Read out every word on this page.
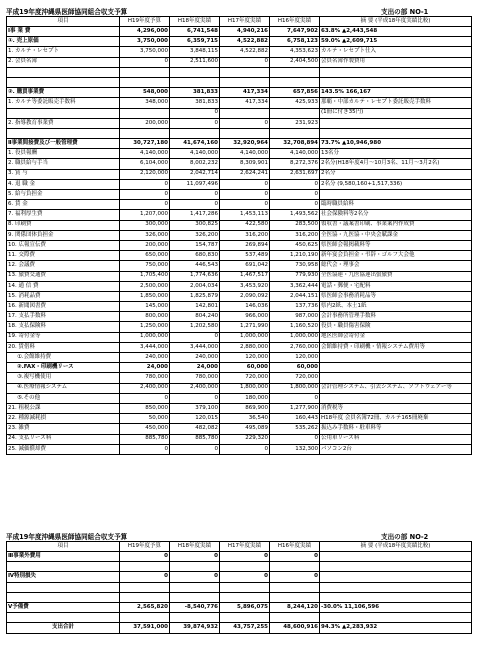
平成19年度沖縄県医師協同組合収支予算	支出の部 NO-1
項目	H19年度予算	H18年度実績	H17年度実績	H16年度実績	摘 要 (平成18年度実績比較)
Ⅰ事 業 費	4,296,000	6,741,548	4,940,216	7,647,902	63.8% ▲2,443,548
①. 売上原価	3,750,000	6,359,715	4,522,882	6,758,123	59.0% ▲2,609,715
1. カルテ・レセプト	3,750,000	3,848,115	4,522,882	4,353,623	カルテ・レセプト仕入
2. 会員名簿	0	2,511,600	0	2,404,500	会員名簿作製費用

②. 購買事業費	548,000	381,833	417,334	657,856	143.5% 166,167
1. カルテ等委託販売手数料	348,000	381,833	417,334	425,933	那覇・中部カルテ・レセプト委託販売手数料
		0			(1冊に付き35円)
2. 指導教育事業費	200,000	0	0	231,923	

Ⅱ事業間接費及び一般管理費	30,727,180	41,674,160	32,920,964	32,708,894	73.7% ▲10,946,980
1. 役員報酬	4,140,000	4,140,000	4,140,000	4,140,000	13名分
2. 職員給与手当	6,104,000	8,002,232	8,309,901	8,272,376	2名分(H18年度4月～10月3名、11月～3月2名)
3. 賞 与	2,120,000	2,042,714	2,624,241	2,631,697	2名分
4. 退 職 金	0	11,097,496	0	0	2名分 (9,580,160+1,517,336)
5. 給与負担金	0	0	0	0	
6. 賃 金	0	0	0	0	臨時職員給料
7. 福利厚生費	1,207,000	1,417,286	1,453,113	1,493,562	社会保険料等2名分
8. 印刷費	300,000	300,825	422,580	283,500	領収書・議案書印刷、事業案内作成費
9. 関係団体負担金	326,000	326,200	316,200	316,200	全医協・九医協・中央会賦課金
10. 広報宣伝費	200,000	154,787	269,894	450,625	県医師会報掲載料等
11. 交際費	650,000	680,830	537,489	1,210,190	新年宴会負担金・弔辞・ゴルフ大会他
12. 会議費	750,000	446,543	691,042	730,958	総代会・理事会
13. 旅費交通費	1,705,400	1,774,636	1,467,517	779,930	全医協連・九医協連出張旅費
14. 通 信 費	2,500,000	2,004,034	3,453,920	3,362,444	電話・郵便・宅配料
15. 消耗品費	1,850,000	1,825,879	2,090,092	2,044,151	県医師会事務消耗品等
16. 新聞図書費	145,000	142,801	146,036	137,736	県内2紙、本土1紙
17. 支払手数料	800,000	804,240	966,000	987,000	会計事務所管理手数料
18. 支払保険料	1,250,000	1,202,580	1,271,990	1,160,520	役員・職員傷害保険
19. 寄付金等	1,000,000	0	1,000,000	1,000,000	地区医師会寄付金
20. 賃借料	3,444,000	3,444,000	2,880,000	2,760,000	会館維持費・印刷機・情報システム費用等
①.会館維持費	240,000	240,000	120,000	120,000	
②.FAX・印刷機リース	24,000	24,000	60,000	60,000	
③.複写機使用	780,000	780,000	720,000	720,000	
④.医療情報システム	2,400,000	2,400,000	1,800,000	1,800,000	会計管理システム、引去システム、ソフトウェアー等
⑤.その他	0	0	180,000	0	
21. 租税公課	850,000	379,100	869,900	1,277,900	消費税等
22. 種源減耗損	50,000	120,015	36,540	160,443	H18年度 会員名簿72冊、カルテ165冊廃棄
23. 雑費	450,000	482,082	495,089	535,262	振込み手数料・駐車料等
24. 支払リース料	885,780	885,780	229,320	0	公用車リース料
25. 減価償却費	0	0	0	132,300	パソコン2台
平成19年度沖縄県医師協同組合収支予算	支出の部 NO-2
項目	H19年度予算	H18年度実績	H17年度実績	H16年度実績	摘 要 (平成18年度実績比較)
Ⅲ事業外費用	0	0	0	0	

Ⅳ特別損失	0	0	0	0	

Ⅴ予備費	2,565,820	-8,540,776	5,896,075	8,244,120	-30.0% 11,106,596

支出合計	37,591,000	39,874,932	43,757,255	48,600,916	94.3% ▲2,283,932
